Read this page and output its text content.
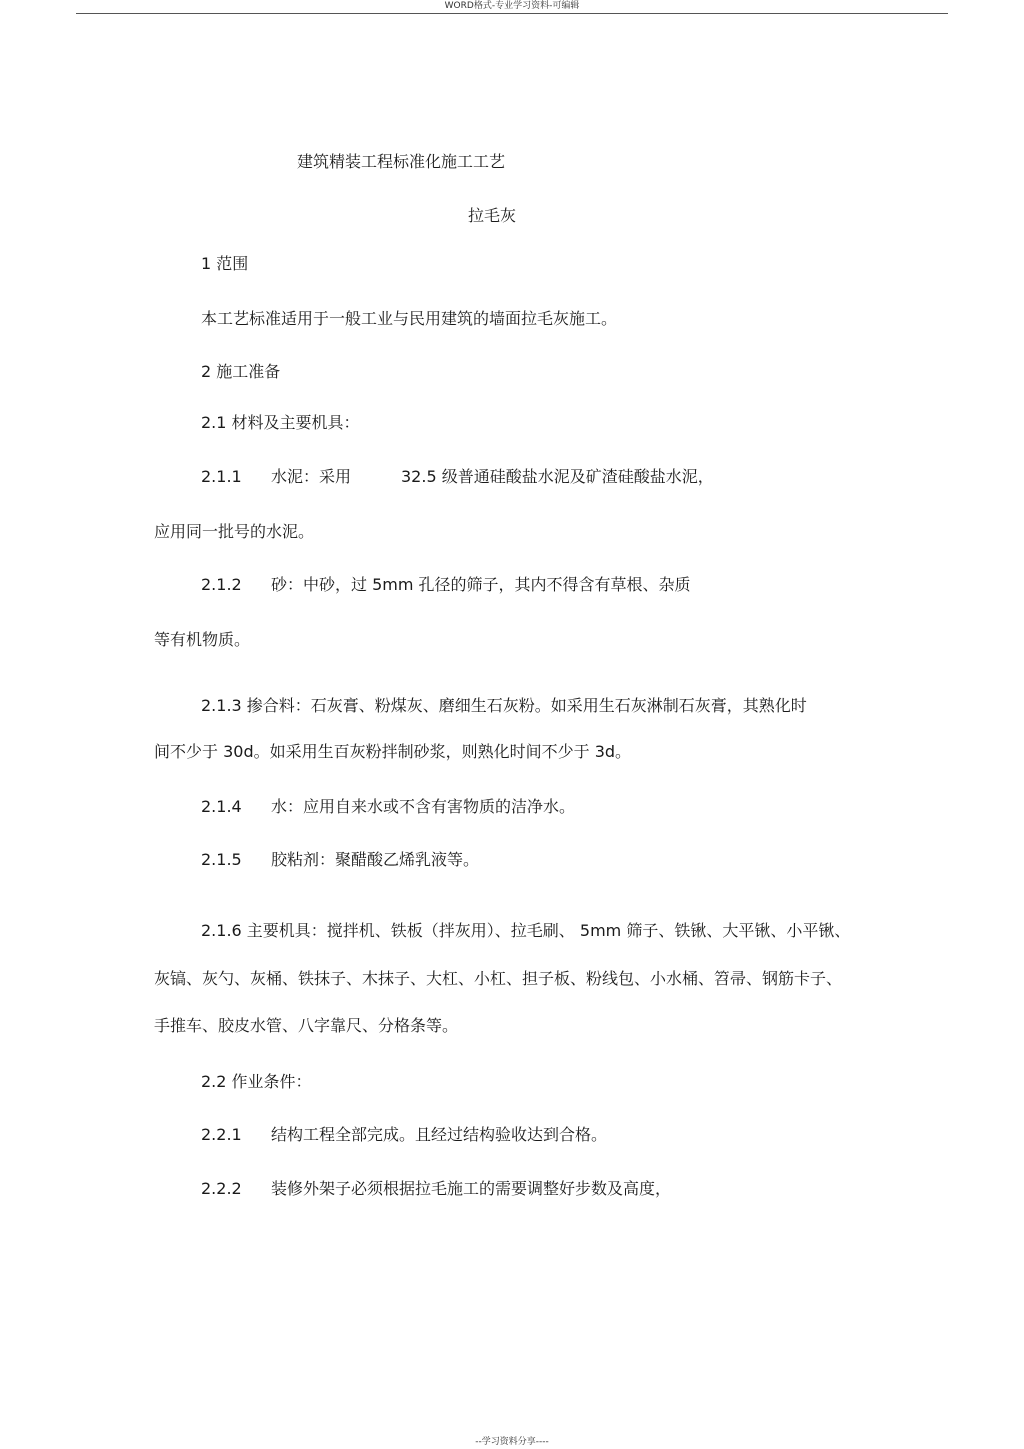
WORD格式-专业学习资料-可编辑
建筑精装工程标准化施工工艺
拉毛灰
1 范围
本工艺标准适用于一般工业与民用建筑的墙面拉毛灰施工。
2 施工准备
2.1 材料及主要机具：
2.1.1 水泥：采用	32.5 级普通硅酸盐水泥及矿渣硅酸盐水泥，
应用同一批号的水泥。
2.1.2 砂：中砂，过 5mm 孔径的筛子，其内不得含有草根、杂质
等有机物质。
2.1.3 掺合料：石灰膏、粉煤灰、磨细生石灰粉。如采用生石灰淋制石灰膏，其熟化时
间不少于 30d。如采用生百灰粉拌制砂浆，则熟化时间不少于 3d。
2.1.4 水：应用自来水或不含有害物质的洁净水。
2.1.5 胶粘剂：聚醋酸乙烯乳液等。
2.1.6 主要机具：搅拌机、铁板（拌灰用）、拉毛刷、 5mm 筛子、铁锹、大平锹、小平锹、
灰镐、灰勺、灰桶、铁抹子、木抹子、大杠、小杠、担子板、粉线包、小水桶、笤帚、钢筋卡子、
手推车、胶皮水管、八字靠尺、分格条等。
2.2 作业条件：
2.2.1 结构工程全部完成。且经过结构验收达到合格。
2.2.2 装修外架子必须根据拉毛施工的需要调整好步数及高度，
--学习资料分享----
